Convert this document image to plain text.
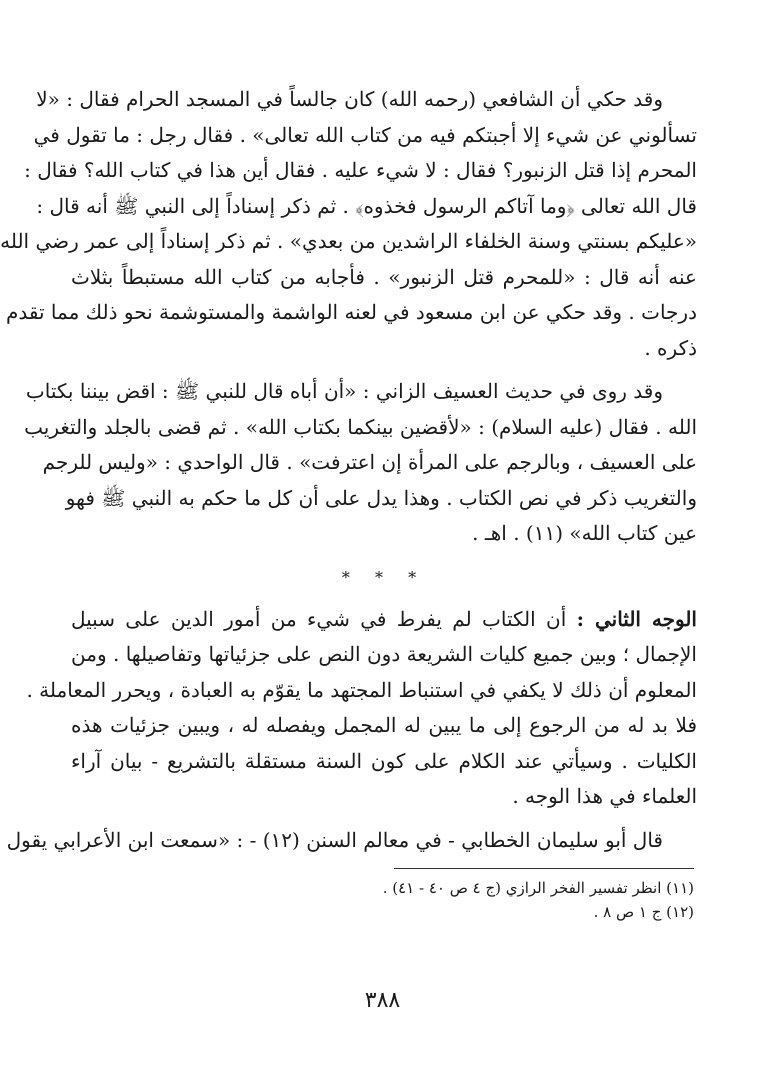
وقد حكي أن الشافعي (رحمه الله) كان جالساً في المسجد الحرام فقال : «لا
تسألوني عن شيء إلا أجبتكم فيه من كتاب الله تعالى» . فقال رجل : ما تقول في
المحرم إذا قتل الزنبور؟ فقال : لا شيء عليه . فقال أين هذا في كتاب الله؟ فقال :
قال الله تعالى ﴿وما آتاكم الرسول فخذوه﴾ . ثم ذكر إسناداً إلى النبي ﷺ أنه قال :
«عليكم بسنتي وسنة الخلفاء الراشدين من بعدي» . ثم ذكر إسناداً إلى عمر رضي الله
عنه أنه قال : «للمحرم قتل الزنبور» . فأجابه من كتاب الله مستبطاً بثلاث
درجات . وقد حكي عن ابن مسعود في لعنه الواشمة والمستوشمة نحو ذلك مما تقدم
ذكره .
وقد روى في حديث العسيف الزاني : «أن أباه قال للنبي ﷺ : اقض بيننا بكتاب
الله . فقال (عليه السلام) : «لأقضين بينكما بكتاب الله» . ثم قضى بالجلد والتغريب
على العسيف ، وبالرجم على المرأة إن اعترفت» . قال الواحدي : «وليس للرجم
والتغريب ذكر في نص الكتاب . وهذا يدل على أن كل ما حكم به النبي ﷺ فهو
عين كتاب الله» (١١) . اهـ .
* * *
الوجه الثاني : أن الكتاب لم يفرط في شيء من أمور الدين على سبيل
الإجمال ؛ وبين جميع كليات الشريعة دون النص على جزئياتها وتفاصيلها . ومن
المعلوم أن ذلك لا يكفي في استنباط المجتهد ما يقوّم به العبادة ، ويحرر المعاملة .
فلا بد له من الرجوع إلى ما يبين له المجمل ويفصله له ، ويبين جزئيات هذه
الكليات . وسيأتي عند الكلام على كون السنة مستقلة بالتشريع - بيان آراء
العلماء في هذا الوجه .
قال أبو سليمان الخطابي - في معالم السنن (١٢) - : «سمعت ابن الأعرابي يقول
(١١) انظر تفسير الفخر الرازي (ج ٤ ص ٤٠ - ٤١) .
(١٢) ج ١ ص ٨ .
٣٨٨
